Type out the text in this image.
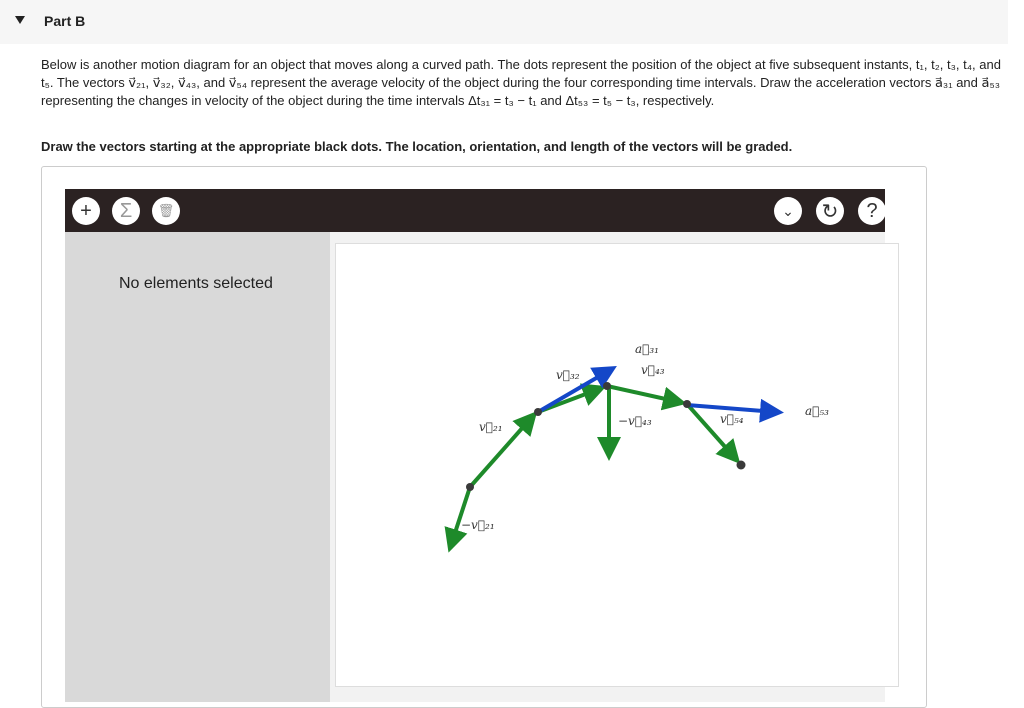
Part B
Below is another motion diagram for an object that moves along a curved path. The dots represent the position of the object at five subsequent instants, t₁, t₂, t₃, t₄, and t₅. The vectors v⃗₂₁, v⃗₃₂, v⃗₄₃, and v⃗₅₄ represent the average velocity of the object during the four corresponding time intervals. Draw the acceleration vectors a⃗₃₁ and a⃗₅₃ representing the changes in velocity of the object during the time intervals Δt₃₁ = t₃ − t₁ and Δt₅₃ = t₅ − t₃, respectively.
Draw the vectors starting at the appropriate black dots. The location, orientation, and length of the vectors will be graded.
+ Σ 🗑	⌄ ↻ ?
No elements selected
v⃗₂₁
−v⃗₂₁
v⃗₃₂	v⃗₄₃
−v⃗₄₃	v⃗₅₄
a⃗₃₁
a⃗₅₃
